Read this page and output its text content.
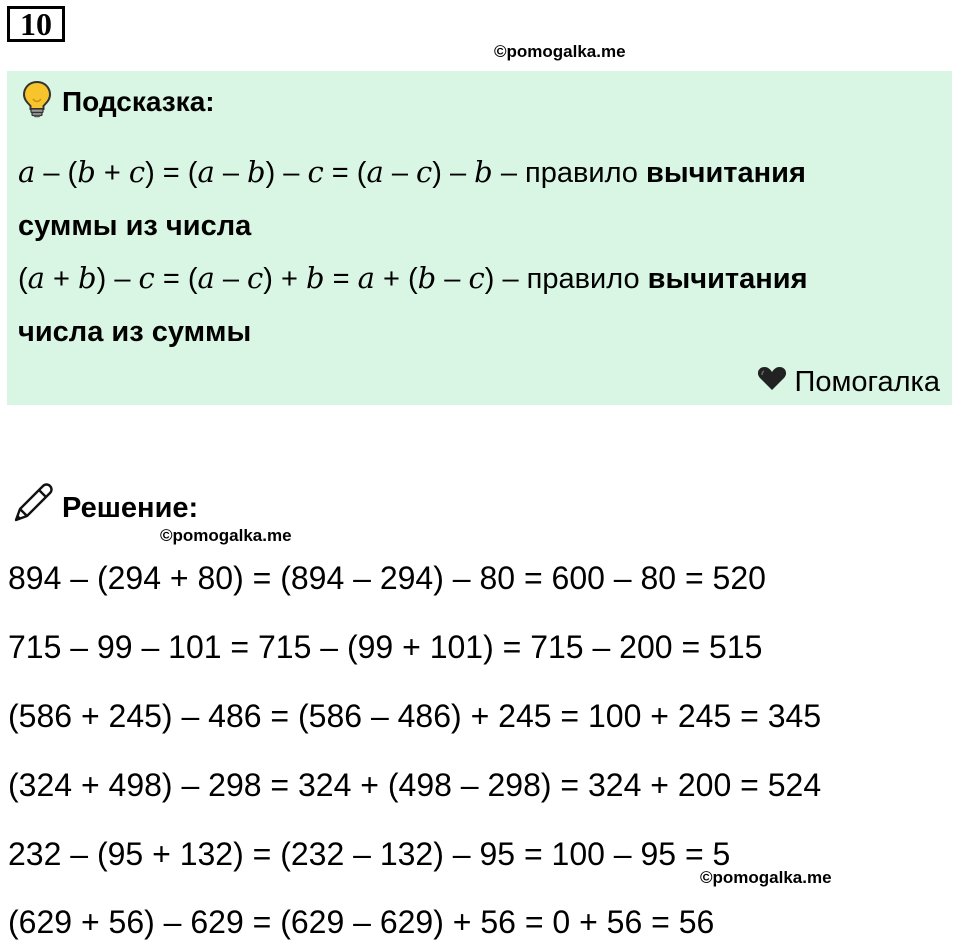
10
©pomogalka.me
Подсказка:
a – (b + c) = (a – b) – c = (a – c) – b – правило вычитания
суммы из числа
(a + b) – c = (a – c) + b = a + (b – c) – правило вычитания
числа из суммы
Помогалка
Решение:
©pomogalka.me
894 – (294 + 80) = (894 – 294) – 80 = 600 – 80 = 520
715 – 99 – 101 = 715 – (99 + 101) = 715 – 200 = 515
(586 + 245) – 486 = (586 – 486) + 245 = 100 + 245 = 345
(324 + 498) – 298 = 324 + (498 – 298) = 324 + 200 = 524
232 – (95 + 132) = (232 – 132) – 95 = 100 – 95 = 5
©pomogalka.me
(629 + 56) – 629 = (629 – 629) + 56 = 0 + 56 = 56
